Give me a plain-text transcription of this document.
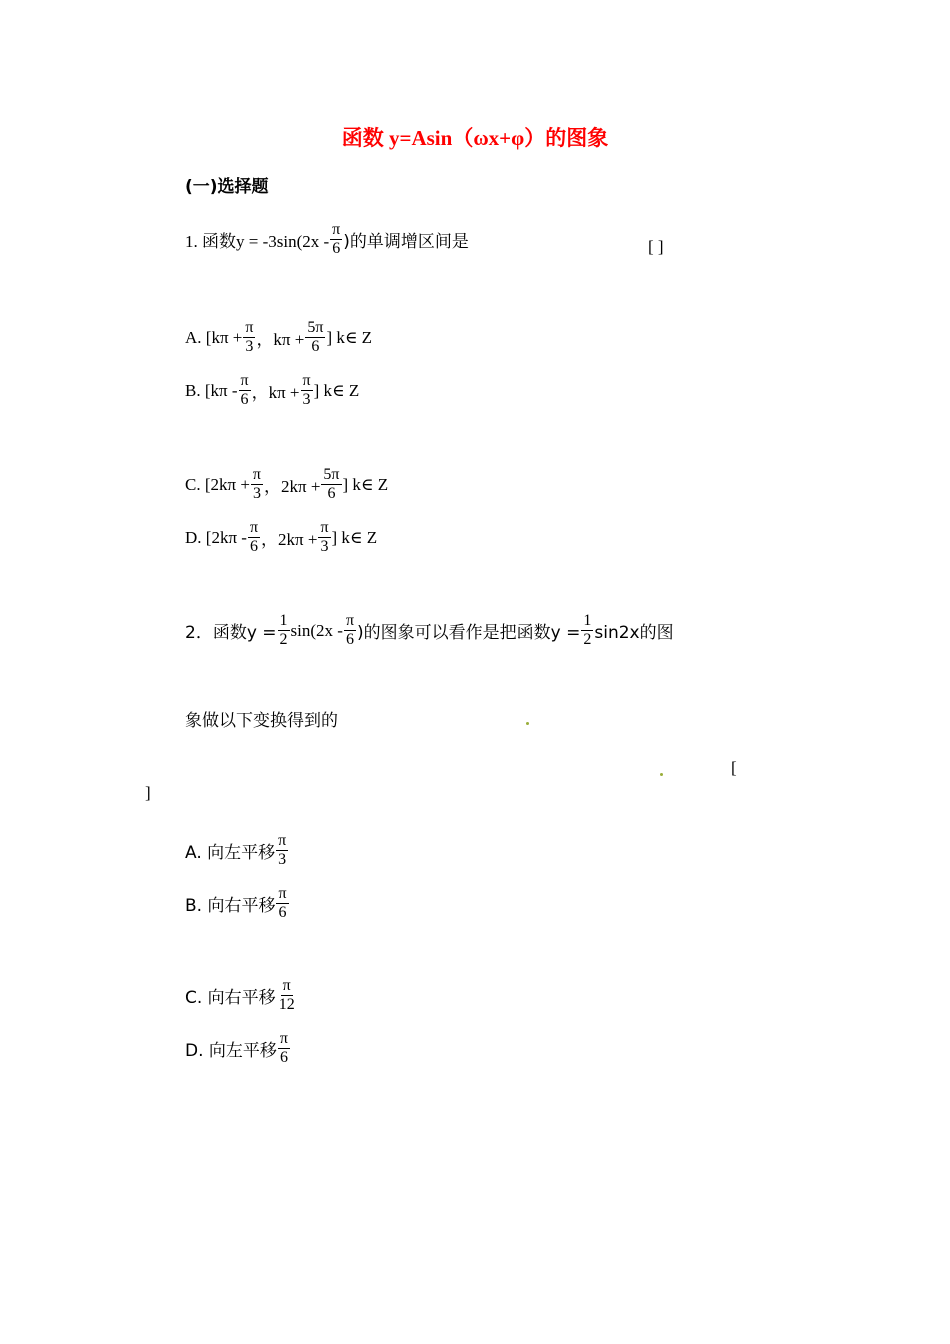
函数 y=Asin（ωx+φ）的图象
(一)选择题
1. 函数$y = -3\sin(2x - \frac{\pi}{6}$ )的单调增区间是	[ ]
A. [$k\pi + \frac{\pi}{3}$ ，$k\pi + \frac{5\pi}{6}$ ] k∈ Z
B. [$k\pi - \frac{\pi}{6}$ ，$k\pi + \frac{\pi}{3}$ ] k∈ Z
C. [$2k\pi + \frac{\pi}{3}$ ，$2k\pi + \frac{5\pi}{6}$ ] k∈ Z
D. [$2k\pi - \frac{\pi}{6}$ ，$2k\pi + \frac{\pi}{3}$ ] k∈ Z
2．函数$y = \frac{1}{2} \sin(2x - \frac{\pi}{6}$ )的图象可以看作是把函数$y = \frac{1}{2} \sin 2x$的图
象做以下变换得到的
[
]
A. 向左平移 $\frac{\pi}{3}$
B. 向右平移 $\frac{\pi}{6}$
C. 向右平移 $\frac{\pi}{12}$
D. 向左平移 $\frac{\pi}{6}$
